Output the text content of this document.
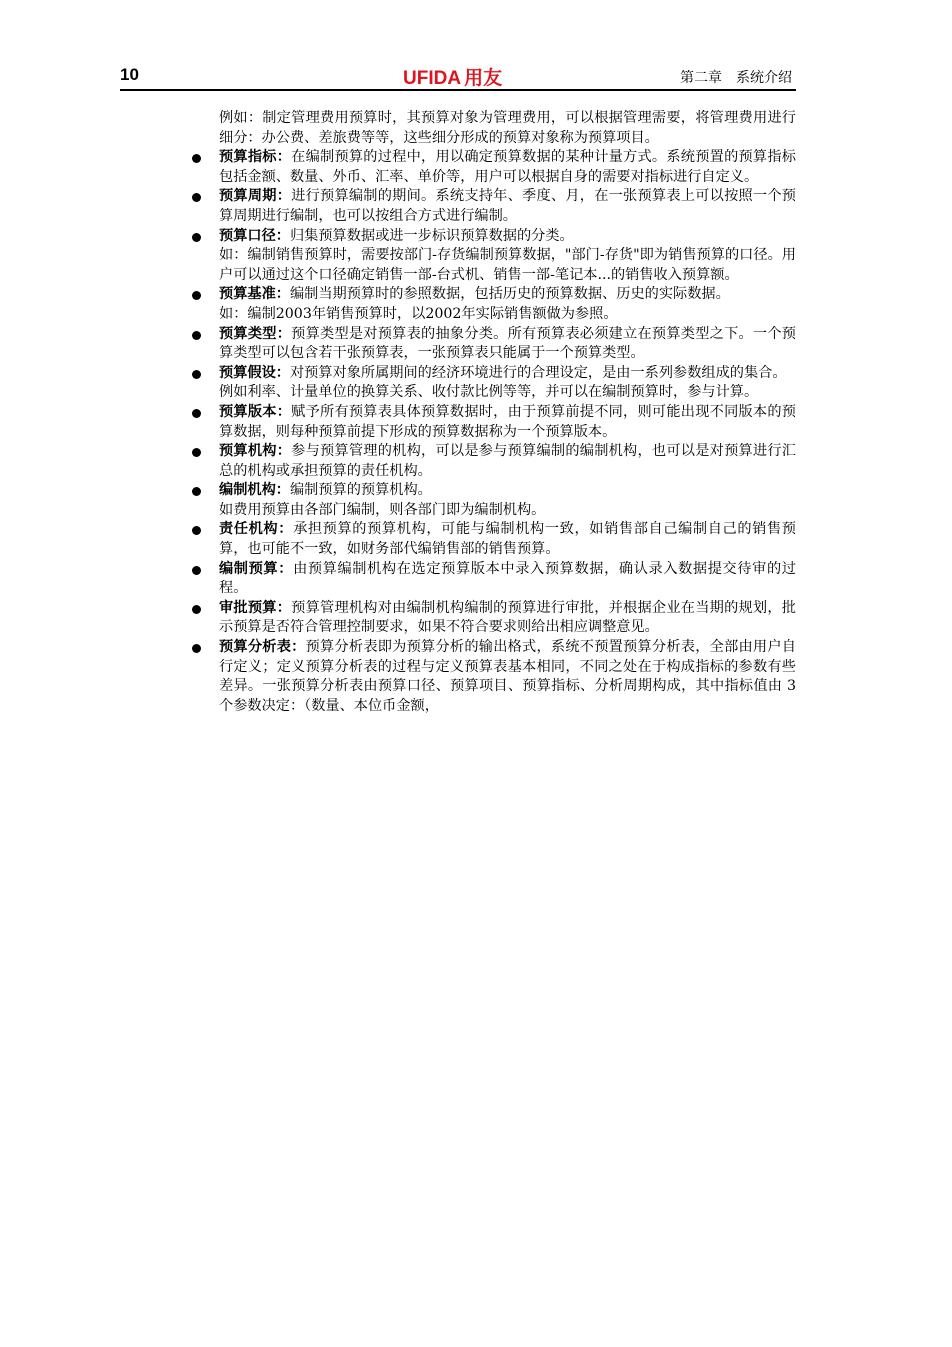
10	UFIDA 用友	第二章　系统介绍

例如：制定管理费用预算时，其预算对象为管理费用，可以根据管理需要，将管理费用进行细分：办公费、差旅费等等，这些细分形成的预算对象称为预算项目。

预算指标：在编制预算的过程中，用以确定预算数据的某种计量方式。系统预置的预算指标包括金额、数量、外币、汇率、单价等，用户可以根据自身的需要对指标进行自定义。

预算周期：进行预算编制的期间。系统支持年、季度、月，在一张预算表上可以按照一个预算周期进行编制，也可以按组合方式进行编制。

预算口径：归集预算数据或进一步标识预算数据的分类。

如：编制销售预算时，需要按部门-存货编制预算数据，"部门-存货"即为销售预算的口径。用户可以通过这个口径确定销售一部-台式机、销售一部-笔记本...的销售收入预算额。

预算基准：编制当期预算时的参照数据，包括历史的预算数据、历史的实际数据。

如：编制2003年销售预算时，以2002年实际销售额做为参照。

预算类型：预算类型是对预算表的抽象分类。所有预算表必须建立在预算类型之下。一个预算类型可以包含若干张预算表，一张预算表只能属于一个预算类型。

预算假设：对预算对象所属期间的经济环境进行的合理设定，是由一系列参数组成的集合。

例如利率、计量单位的换算关系、收付款比例等等，并可以在编制预算时，参与计算。

预算版本：赋予所有预算表具体预算数据时，由于预算前提不同，则可能出现不同版本的预算数据，则每种预算前提下形成的预算数据称为一个预算版本。

预算机构：参与预算管理的机构，可以是参与预算编制的编制机构，也可以是对预算进行汇总的机构或承担预算的责任机构。

编制机构：编制预算的预算机构。

如费用预算由各部门编制，则各部门即为编制机构。

责任机构：承担预算的预算机构，可能与编制机构一致，如销售部自己编制自己的销售预算，也可能不一致，如财务部代编销售部的销售预算。

编制预算：由预算编制机构在选定预算版本中录入预算数据，确认录入数据提交待审的过程。

审批预算：预算管理机构对由编制机构编制的预算进行审批，并根据企业在当期的规划，批示预算是否符合管理控制要求，如果不符合要求则给出相应调整意见。

预算分析表：预算分析表即为预算分析的输出格式，系统不预置预算分析表，全部由用户自行定义；定义预算分析表的过程与定义预算表基本相同，不同之处在于构成指标的参数有些差异。一张预算分析表由预算口径、预算项目、预算指标、分析周期构成，其中指标值由 3 个参数决定：（数量、本位币金额，
